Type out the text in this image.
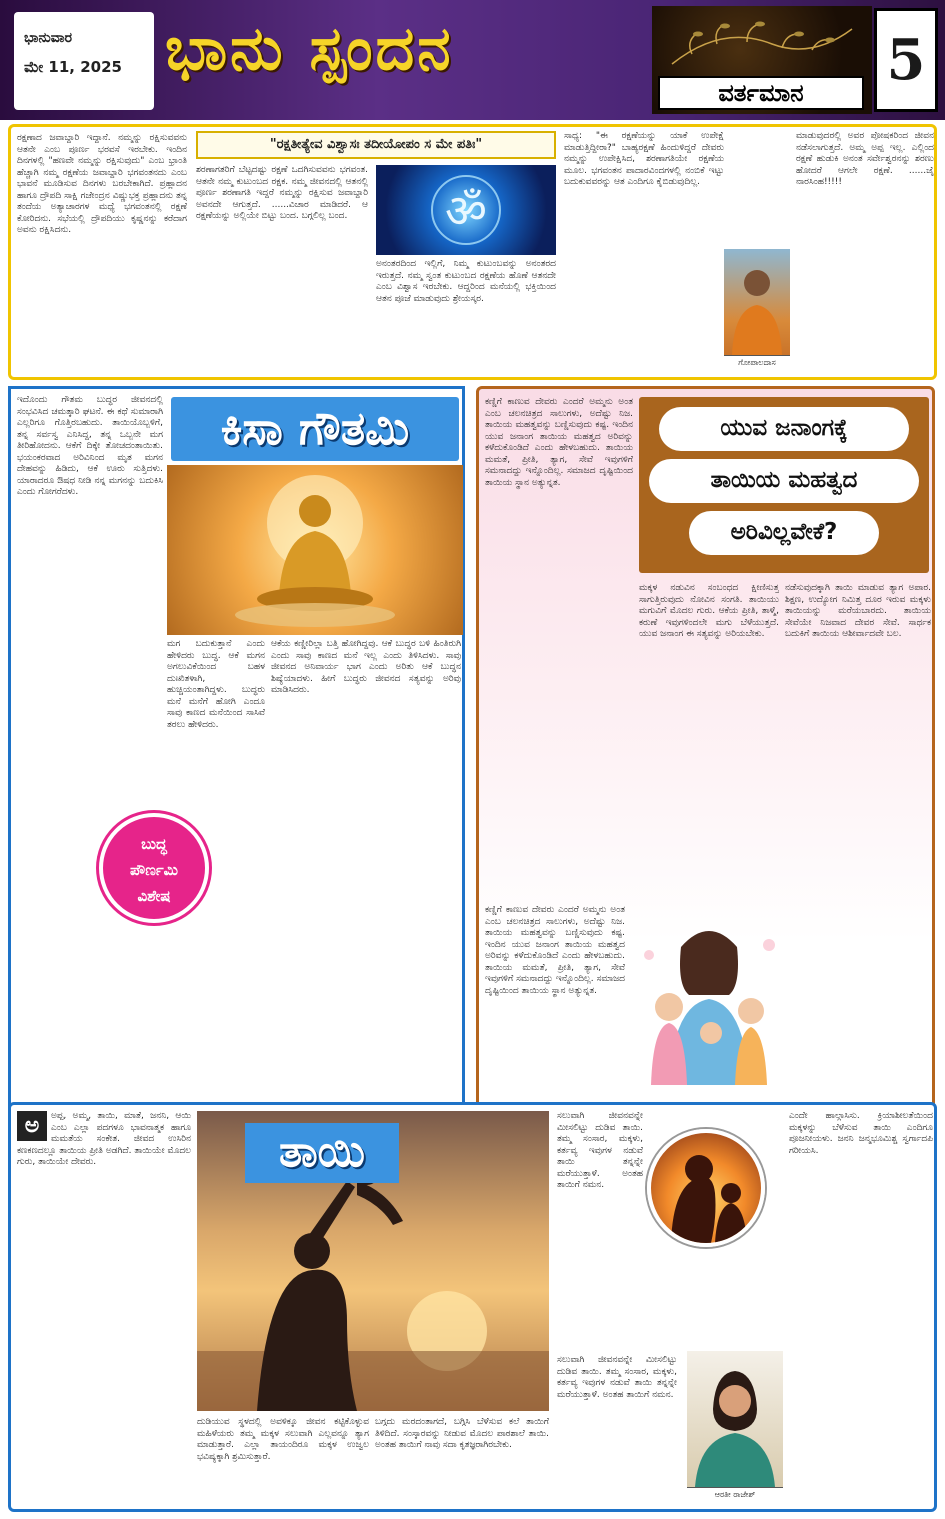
ಭಾನುವಾರ
ಮೇ 11, 2025 ಭಾನು ಸ್ಪಂದನ
ವರ್ತಮಾನ	5
ರಕ್ಷಣಾದ ಜವಾಬ್ದಾರಿ ಇದ್ದಾನೆ. ನಮ್ಮನ್ನು ರಕ್ಷಿಸುವವನು ಆತನೇ ಎಂಬ ಪೂರ್ಣ ಭರವಸೆ ಇರಬೇಕು. ಇಂದಿನ ದಿನಗಳಲ್ಲಿ "ಹಣವೇ ನಮ್ಮನ್ನು ರಕ್ಷಿಸುವುದು" ಎಂಬ ಭ್ರಾಂತಿ ಹೆಚ್ಚಾಗಿ ನಮ್ಮ ರಕ್ಷಣೆಯ ಜವಾಬ್ದಾರಿ ಭಗವಂತನದು ಎಂಬ ಭಾವನೆ ಮೂಡಿಸುವ ದಿನಗಳು ಬರಬೇಕಾಗಿದೆ. ಪ್ರಹ್ಲಾದನ ಹಾಗೂ ದ್ರೌಪದಿ ಸಾಕ್ಷಿ ಗಜೇಂದ್ರನ ವಿಷ್ಣುಭಕ್ತ ಪ್ರಹ್ಲಾದನು ತನ್ನ ತಂದೆಯ ಅತ್ಯಾಚಾರಗಳ ಮಧ್ಯೆ ಭಗವಂತನಲ್ಲಿ ರಕ್ಷಣೆ ಕೋರಿದನು. ಸಭೆಯಲ್ಲಿ ದ್ರೌಪದಿಯು ಕೃಷ್ಣನನ್ನು ಕರೆದಾಗ ಅವನು ರಕ್ಷಿಸಿದನು.
"ರಕ್ಷತೀತ್ಯೇವ ವಿಶ್ವಾಸಃ ತದೀಯೋಪಂ ಸ ಮೇ ಪತಿಃ"
ಶರಣಾಗತರಿಗೆ ಬೆಟ್ಟದಷ್ಟು ರಕ್ಷಣೆ ಒದಗಿಸುವವನು ಭಗವಂತ. ಆತನೇ ನಮ್ಮ ಕುಟುಂಬದ ರಕ್ಷಕ. ನಮ್ಮ ಜೀವನದಲ್ಲಿ ಆತನಲ್ಲಿ ಪೂರ್ಣ ಶರಣಾಗತಿ ಇದ್ದರೆ ನಮ್ಮನ್ನು ರಕ್ಷಿಸುವ ಜವಾಬ್ದಾರಿ ಅವನದೇ ಆಗುತ್ತದೆ. ......ವಿಚಾರ ಮಾಡಿದರೆ. ಆ ರಕ್ಷಣೆಯನ್ನು ಅಲ್ಲಿಯೇ ಬಿಟ್ಟು ಬಂದ. ಬಗ್ಗಲಿಲ್ಲ ಬಂದ.	ॐ
ಅನಂತರದಿಂದ ಇಲ್ಲಿಗೆ, ನಿಮ್ಮ ಕುಟುಂಬವನ್ನು ಅನಂತರದ ಇರುತ್ತದೆ. ನಮ್ಮ ಸ್ವಂತ ಕುಟುಂಬದ ರಕ್ಷಣೆಯ ಹೊಣೆ ಆತನದೇ ಎಂಬ ವಿಶ್ವಾಸ ಇರಬೇಕು. ಆದ್ದರಿಂದ ಮನೆಯಲ್ಲಿ ಭಕ್ತಿಯಿಂದ ಆತನ ಪೂಜೆ ಮಾಡುವುದು ಶ್ರೇಯಸ್ಕರ.
ಸಾಧ್ಯ: "ಈ ರಕ್ಷಣೆಯನ್ನು ಯಾಕೆ ಉಪೇಕ್ಷೆ ಮಾಡುತ್ತಿದ್ದೀರಾ?" ಬಾಹ್ಯರಕ್ಷಣೆ ಹಿಂದುಳಿದ್ದರೆ ದೇವರು ನಮ್ಮನ್ನು ಉಪೇಕ್ಷಿಸಿದ, ಶರಣಾಗತಿಯೇ ರಕ್ಷಣೆಯ ಮೂಲ. ಭಗವಂತನ ಪಾದಾರವಿಂದಗಳಲ್ಲಿ ನಂಬಿಕೆ ಇಟ್ಟು ಬದುಕುವವರನ್ನು ಆತ ಎಂದಿಗೂ ಕೈಬಿಡುವುದಿಲ್ಲ.
ಗೋಪಾಲದಾಸ
ಮಾಡುವುದರಲ್ಲಿ ಅವರ ಪೋಷಕರಿಂದ ಜೀವನ ನಡೆಸಲಾಗುತ್ತದೆ. ಅಮ್ಮ ಅಪ್ಪ ಇಲ್ಲ. ಎಲ್ಲಿಂದ ರಕ್ಷಣೆ ಹುಡುಕಿ ಅನಂತ ಸರ್ವೇಶ್ವರನನ್ನು ಶರಣು ಹೋದರೆ ಆಗಲೇ ರಕ್ಷಣೆ. ......ಜೈ ನಾರಸಿಂಹ!!!!!
ಇದೊಂದು ಗೌತಮ ಬುದ್ಧರ ಜೀವನದಲ್ಲಿ ಸಂಭವಿಸಿದ ಚಮತ್ಕಾರಿ ಘಟನೆ. ಈ ಕಥೆ ಸುಮಾರಾಗಿ ಎಲ್ಲರಿಗೂ ಗೊತ್ತಿರಬಹುದು. ತಾಯಿಯೊಬ್ಬಳಿಗೆ, ತನ್ನ ಸರ್ವಸ್ವ ಎನಿಸಿದ್ದ, ತನ್ನ ಒಬ್ಬನೇ ಮಗ ತೀರಿಹೋದನು. ಆಕೆಗೆ ದಿಕ್ಕೇ ತೋಚದಂತಾಯಿತು. ಭಯಂಕರವಾದ ಅರಿವಿನಿಂದ ಮೃತ ಮಗನ ದೇಹವನ್ನು ಹಿಡಿದು, ಆಕೆ ಊರು ಸುತ್ತಿದಳು. ಯಾರಾದರೂ ಔಷಧ ನೀಡಿ ನನ್ನ ಮಗನನ್ನು ಬದುಕಿಸಿ ಎಂದು ಗೋಗರೆದಳು.
ಕಿಸಾ ಗೌತಮಿ
ಮಗ ಬದುಕುತ್ತಾನೆ ಎಂದು ಹೇಳಿದರು ಬುದ್ಧ. ಆಕೆ ಮಗನ ಅಗಲುವಿಕೆಯಿಂದ ಬಹಳ ದುಃಖಿತಳಾಗಿ, ಹುಚ್ಚಿಯಂತಾಗಿದ್ದಳು. ಬುದ್ಧರು ಮನೆ ಮನೆಗೆ ಹೋಗಿ ಎಂದೂ ಸಾವು ಕಾಣದ ಮನೆಯಿಂದ ಸಾಸಿವೆ ತರಲು ಹೇಳಿದರು.
ಆಕೆಯ ಕಣ್ಣೀರಿಲ್ಲಾ ಬತ್ತಿ ಹೋಗಿದ್ದವು. ಆಕೆ ಬುದ್ಧರ ಬಳಿ ಹಿಂತಿರುಗಿ ಎಂದು ಸಾವು ಕಾಣದ ಮನೆ ಇಲ್ಲ ಎಂದು ತಿಳಿಸಿದಳು. ಸಾವು ಜೀವನದ ಅನಿವಾರ್ಯ ಭಾಗ ಎಂದು ಅರಿತು ಆಕೆ ಬುದ್ಧನ ಶಿಷ್ಯೆಯಾದಳು. ಹೀಗೆ ಬುದ್ಧರು ಜೀವನದ ಸತ್ಯವನ್ನು ಅರಿವು ಮಾಡಿಸಿದರು.
ಬುದ್ಧ
ಪೌರ್ಣಮಿ
ವಿಶೇಷ
ಕಣ್ಣಿಗೆ ಕಾಣುವ ದೇವರು ಎಂದರೆ ಅಮ್ಮನು ಅಂತ ಎಂಬ ಚಲನಚಿತ್ರದ ಸಾಲುಗಳು, ಅದೆಷ್ಟು ನಿಜ. ತಾಯಿಯ ಮಹತ್ವವನ್ನು ಬಣ್ಣಿಸುವುದು ಕಷ್ಟ. ಇಂದಿನ ಯುವ ಜನಾಂಗ ತಾಯಿಯ ಮಹತ್ವದ ಅರಿವನ್ನು ಕಳೆದುಕೊಂಡಿದೆ ಎಂದು ಹೇಳಬಹುದು. ತಾಯಿಯ ಮಮತೆ, ಪ್ರೀತಿ, ತ್ಯಾಗ, ಸೇವೆ ಇವುಗಳಿಗೆ ಸಮನಾದದ್ದು ಇನ್ನೊಂದಿಲ್ಲ. ಸಮಾಜದ ದೃಷ್ಟಿಯಿಂದ ತಾಯಿಯ ಸ್ಥಾನ ಅತ್ಯುನ್ನತ.
ಯುವ ಜನಾಂಗಕ್ಕೆ
ತಾಯಿಯ ಮಹತ್ವದ
ಅರಿವಿಲ್ಲವೇಕೆ?
ಮಕ್ಕಳ ನಡುವಿನ ಸಂಬಂಧದ ಕ್ಷೀಣಿಸುತ್ತ ಸಾಗುತ್ತಿರುವುದು ನೋವಿನ ಸಂಗತಿ. ತಾಯಿಯು ಮಗುವಿಗೆ ಮೊದಲ ಗುರು. ಆಕೆಯ ಪ್ರೀತಿ, ತಾಳ್ಮೆ, ಕರುಣೆ ಇವುಗಳಿಂದಲೇ ಮಗು ಬೆಳೆಯುತ್ತದೆ. ಯುವ ಜನಾಂಗ ಈ ಸತ್ಯವನ್ನು ಅರಿಯಬೇಕು.
ನಡೆಸುವುದಕ್ಕಾಗಿ ತಾಯಿ ಮಾಡುವ ತ್ಯಾಗ ಅಪಾರ. ಶಿಕ್ಷಣ, ಉದ್ಯೋಗ ನಿಮಿತ್ತ ದೂರ ಇರುವ ಮಕ್ಕಳು ತಾಯಿಯನ್ನು ಮರೆಯಬಾರದು. ತಾಯಿಯ ಸೇವೆಯೇ ನಿಜವಾದ ದೇವರ ಸೇವೆ. ಸಾರ್ಥಕ ಬದುಕಿಗೆ ತಾಯಿಯ ಆಶೀರ್ವಾದವೇ ಬಲ.
ಕಣ್ಣಿಗೆ ಕಾಣುವ ದೇವರು ಎಂದರೆ ಅಮ್ಮನು ಅಂತ ಎಂಬ ಚಲನಚಿತ್ರದ ಸಾಲುಗಳು, ಅದೆಷ್ಟು ನಿಜ. ತಾಯಿಯ ಮಹತ್ವವನ್ನು ಬಣ್ಣಿಸುವುದು ಕಷ್ಟ. ಇಂದಿನ ಯುವ ಜನಾಂಗ ತಾಯಿಯ ಮಹತ್ವದ ಅರಿವನ್ನು ಕಳೆದುಕೊಂಡಿದೆ ಎಂದು ಹೇಳಬಹುದು. ತಾಯಿಯ ಮಮತೆ, ಪ್ರೀತಿ, ತ್ಯಾಗ, ಸೇವೆ ಇವುಗಳಿಗೆ ಸಮನಾದದ್ದು ಇನ್ನೊಂದಿಲ್ಲ. ಸಮಾಜದ ದೃಷ್ಟಿಯಿಂದ ತಾಯಿಯ ಸ್ಥಾನ ಅತ್ಯುನ್ನತ.
ಅ	ಅಪ್ಪ, ಅಮ್ಮ, ತಾಯಿ, ಮಾತೆ, ಜನನಿ, ಆಯಿ ಎಂಬ ಎಲ್ಲಾ ಪದಗಳೂ ಭಾವನಾತ್ಮಕ ಹಾಗೂ ಮಮತೆಯ ಸಂಕೇತ. ಜೀವದ ಉಸಿರಿನ ಕಣಕಣದಲ್ಲೂ ತಾಯಿಯ ಪ್ರೀತಿ ಅಡಗಿದೆ. ತಾಯಿಯೇ ಮೊದಲ ಗುರು, ತಾಯಿಯೇ ದೇವರು.	ತಾಯಿ
ದುಡಿಯುವ ಸ್ಥಳದಲ್ಲಿ ಅವಳಿಕ್ಕೂ ಜೀವನ ಕಟ್ಟಿಕೊಳ್ಳುವ ಮಹಿಳೆಯರು ತಮ್ಮ ಮಕ್ಕಳ ಸಲುವಾಗಿ ಎಲ್ಲವನ್ನೂ ತ್ಯಾಗ ಮಾಡುತ್ತಾರೆ. ಎಲ್ಲಾ ತಾಯಂದಿರೂ ಮಕ್ಕಳ ಉಜ್ವಲ ಭವಿಷ್ಯಕ್ಕಾಗಿ ಶ್ರಮಿಸುತ್ತಾರೆ.
ಬಗ್ಗದು ಮರದಂತಾಗದೆ, ಬಗ್ಗಿಸಿ ಬೆಳೆಸುವ ಕಲೆ ತಾಯಿಗೆ ತಿಳಿದಿದೆ. ಸಂಸ್ಕಾರವನ್ನು ನೀಡುವ ಮೊದಲ ಪಾಠಶಾಲೆ ತಾಯಿ. ಅಂತಹ ತಾಯಿಗೆ ನಾವು ಸದಾ ಕೃತಜ್ಞರಾಗಿರಬೇಕು.
ಸಲುವಾಗಿ ಜೀವನವನ್ನೇ ಮೀಸಲಿಟ್ಟು ದುಡಿವ ತಾಯಿ. ತಮ್ಮ ಸಂಸಾರ, ಮಕ್ಕಳು, ಕರ್ತವ್ಯ ಇವುಗಳ ನಡುವೆ ತಾಯಿ ತನ್ನನ್ನೇ ಮರೆಯುತ್ತಾಳೆ. ಅಂತಹ ತಾಯಿಗೆ ನಮನ.
ಸಲುವಾಗಿ ಜೀವನವನ್ನೇ ಮೀಸಲಿಟ್ಟು ದುಡಿವ ತಾಯಿ. ತಮ್ಮ ಸಂಸಾರ, ಮಕ್ಕಳು, ಕರ್ತವ್ಯ ಇವುಗಳ ನಡುವೆ ತಾಯಿ ತನ್ನನ್ನೇ ಮರೆಯುತ್ತಾಳೆ. ಅಂತಹ ತಾಯಿಗೆ ನಮನ.
ಆರತೀ ರಾಜೇಶ್
ಎಂದೇ ಹಾಲ್ಗಾಸಿಸು. ಕ್ರಿಯಾಶೀಲತೆಯಿಂದ ಮಕ್ಕಳನ್ನು ಬೆಳೆಸುವ ತಾಯಿ ಎಂದಿಗೂ ಪೂಜನೀಯಳು. ಜನನಿ ಜನ್ಮಭೂಮಿಶ್ಚ ಸ್ವರ್ಗಾದಪಿ ಗರೀಯಸಿ.
